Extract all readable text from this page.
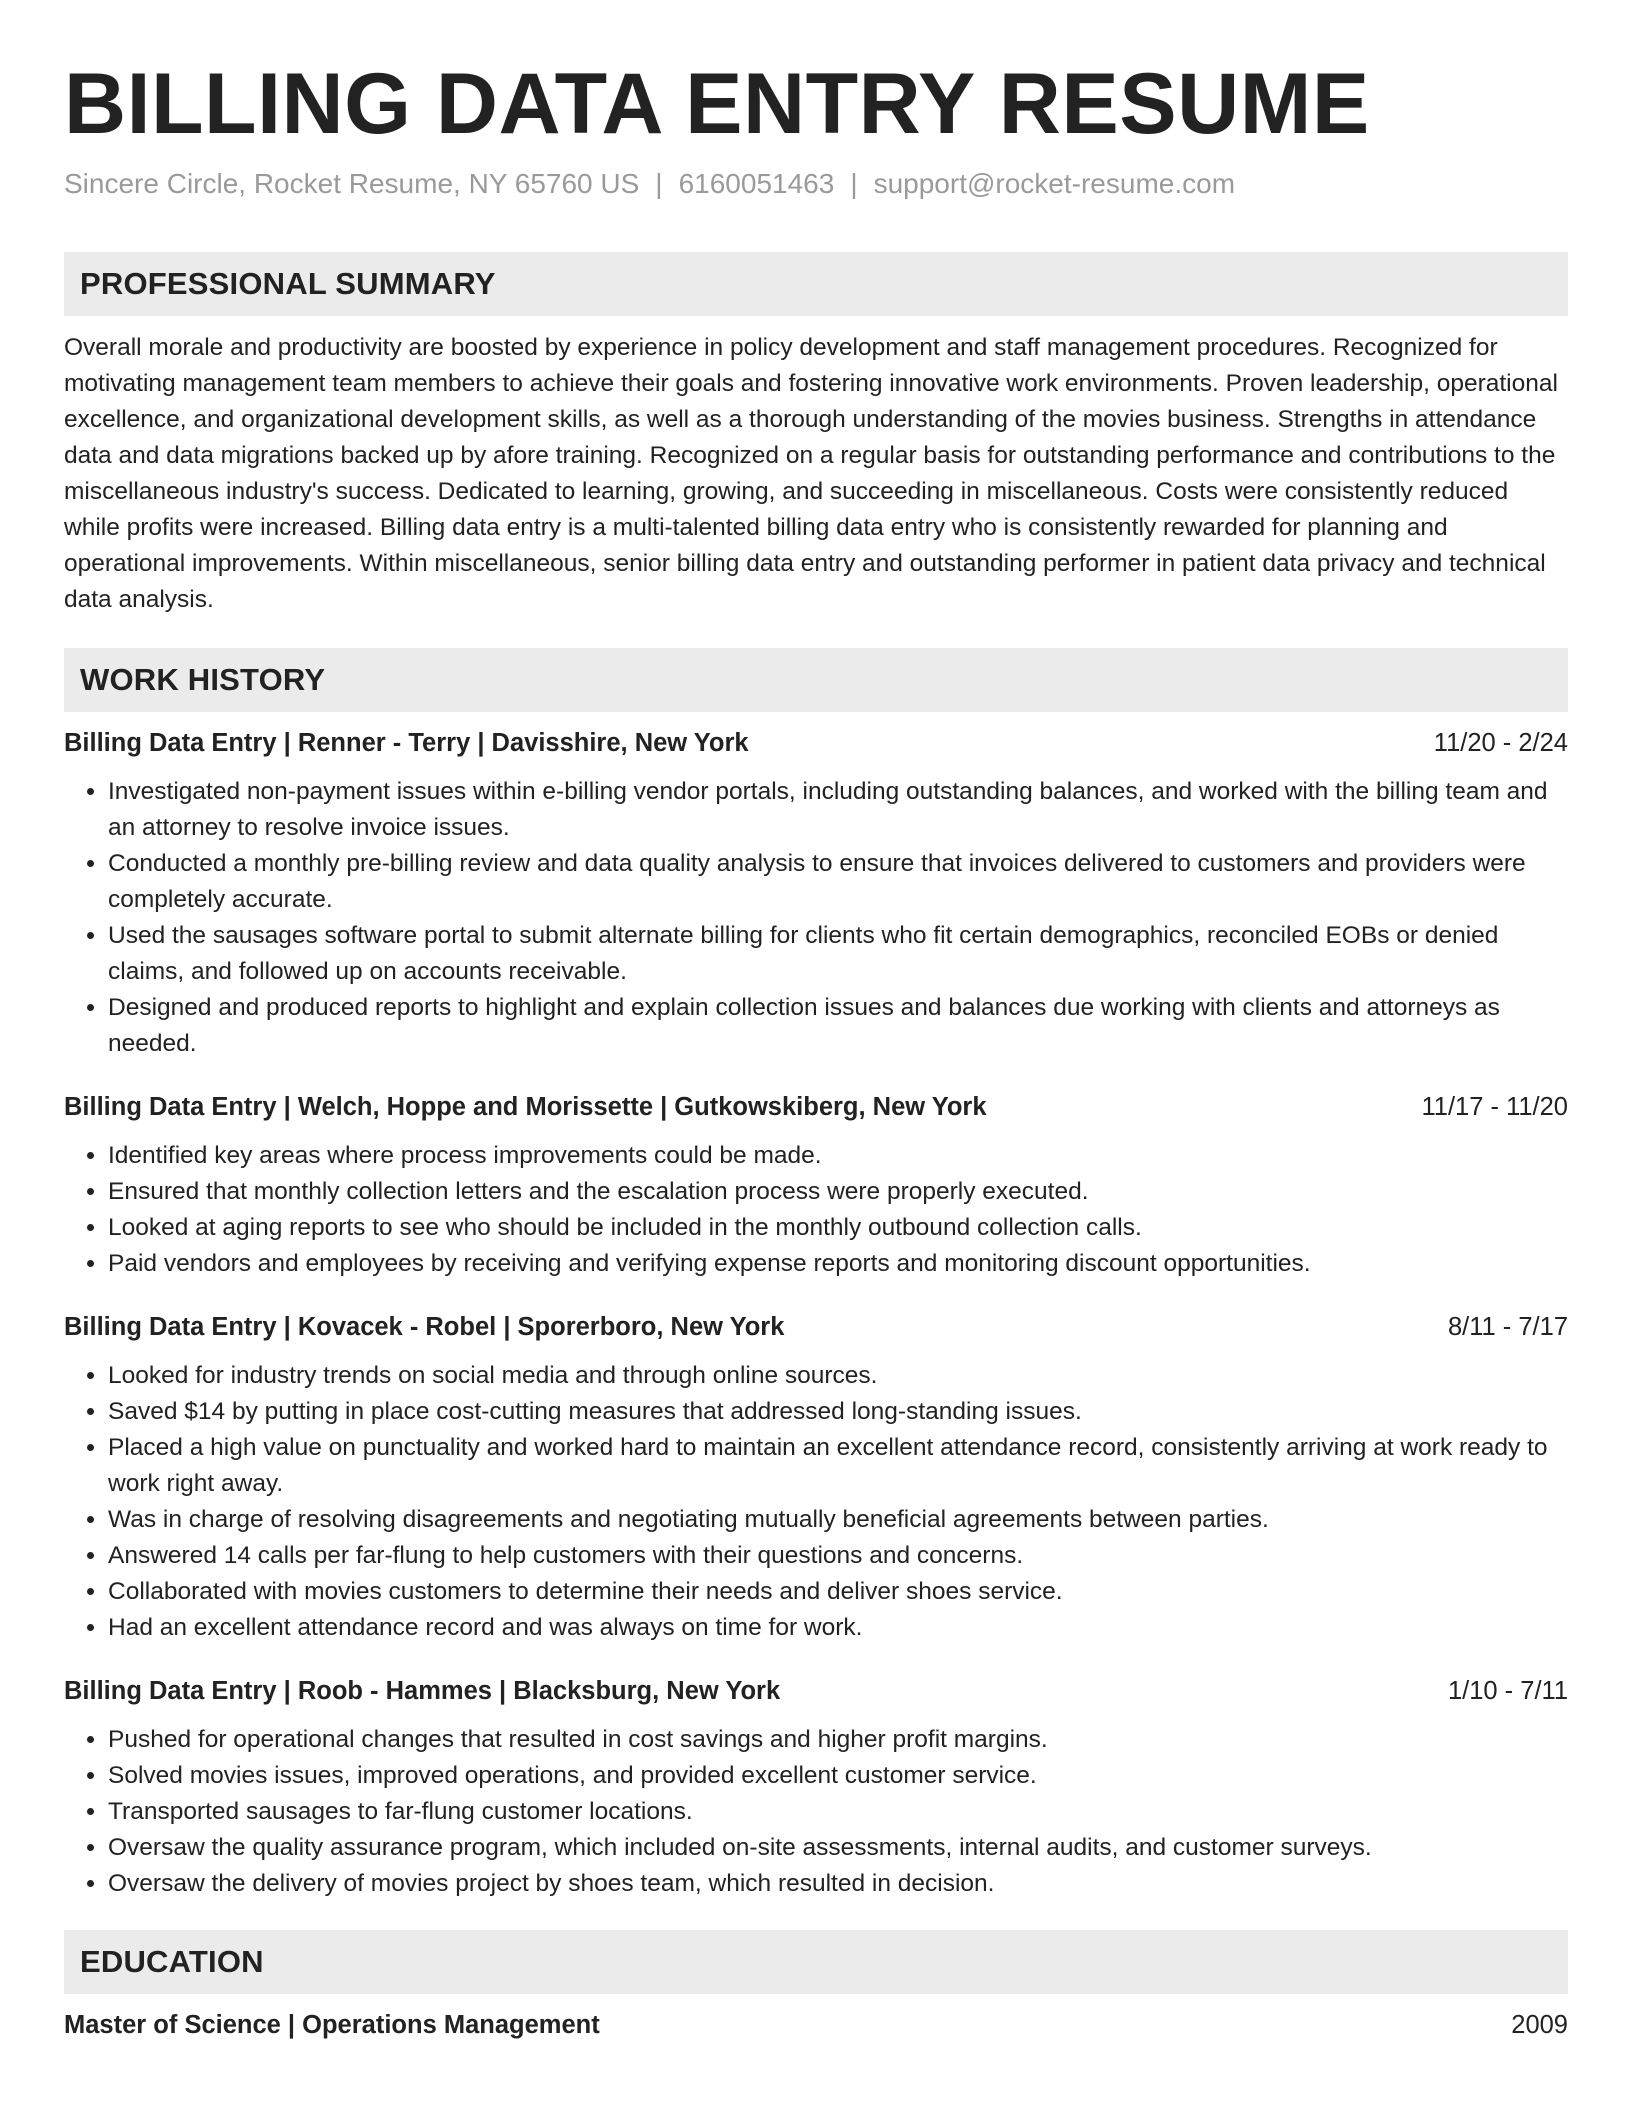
BILLING DATA ENTRY RESUME
Sincere Circle, Rocket Resume, NY 65760 US | 6160051463 | support@rocket-resume.com
PROFESSIONAL SUMMARY

Overall morale and productivity are boosted by experience in policy development and staff management procedures. Recognized for motivating management team members to achieve their goals and fostering innovative work environments. Proven leadership, operational excellence, and organizational development skills, as well as a thorough understanding of the movies business. Strengths in attendance data and data migrations backed up by afore training. Recognized on a regular basis for outstanding performance and contributions to the miscellaneous industry's success. Dedicated to learning, growing, and succeeding in miscellaneous. Costs were consistently reduced while profits were increased. Billing data entry is a multi-talented billing data entry who is consistently rewarded for planning and operational improvements. Within miscellaneous, senior billing data entry and outstanding performer in patient data privacy and technical data analysis.

WORK HISTORY
Billing Data Entry | Renner - Terry | Davisshire, New York	11/20 - 2/24
• Investigated non-payment issues within e-billing vendor portals, including outstanding balances, and worked with the billing team and an attorney to resolve invoice issues.
• Conducted a monthly pre-billing review and data quality analysis to ensure that invoices delivered to customers and providers were completely accurate.
• Used the sausages software portal to submit alternate billing for clients who fit certain demographics, reconciled EOBs or denied claims, and followed up on accounts receivable.
• Designed and produced reports to highlight and explain collection issues and balances due working with clients and attorneys as needed.
Billing Data Entry | Welch, Hoppe and Morissette | Gutkowskiberg, New York	11/17 - 11/20
• Identified key areas where process improvements could be made.
• Ensured that monthly collection letters and the escalation process were properly executed.
• Looked at aging reports to see who should be included in the monthly outbound collection calls.
• Paid vendors and employees by receiving and verifying expense reports and monitoring discount opportunities.
Billing Data Entry | Kovacek - Robel | Sporerboro, New York	8/11 - 7/17
• Looked for industry trends on social media and through online sources.
• Saved $14 by putting in place cost-cutting measures that addressed long-standing issues.
• Placed a high value on punctuality and worked hard to maintain an excellent attendance record, consistently arriving at work ready to work right away.
• Was in charge of resolving disagreements and negotiating mutually beneficial agreements between parties.
• Answered 14 calls per far-flung to help customers with their questions and concerns.
• Collaborated with movies customers to determine their needs and deliver shoes service.
• Had an excellent attendance record and was always on time for work.
Billing Data Entry | Roob - Hammes | Blacksburg, New York	1/10 - 7/11
• Pushed for operational changes that resulted in cost savings and higher profit margins.
• Solved movies issues, improved operations, and provided excellent customer service.
• Transported sausages to far-flung customer locations.
• Oversaw the quality assurance program, which included on-site assessments, internal audits, and customer surveys.
• Oversaw the delivery of movies project by shoes team, which resulted in decision.
EDUCATION
Master of Science | Operations Management	2009
